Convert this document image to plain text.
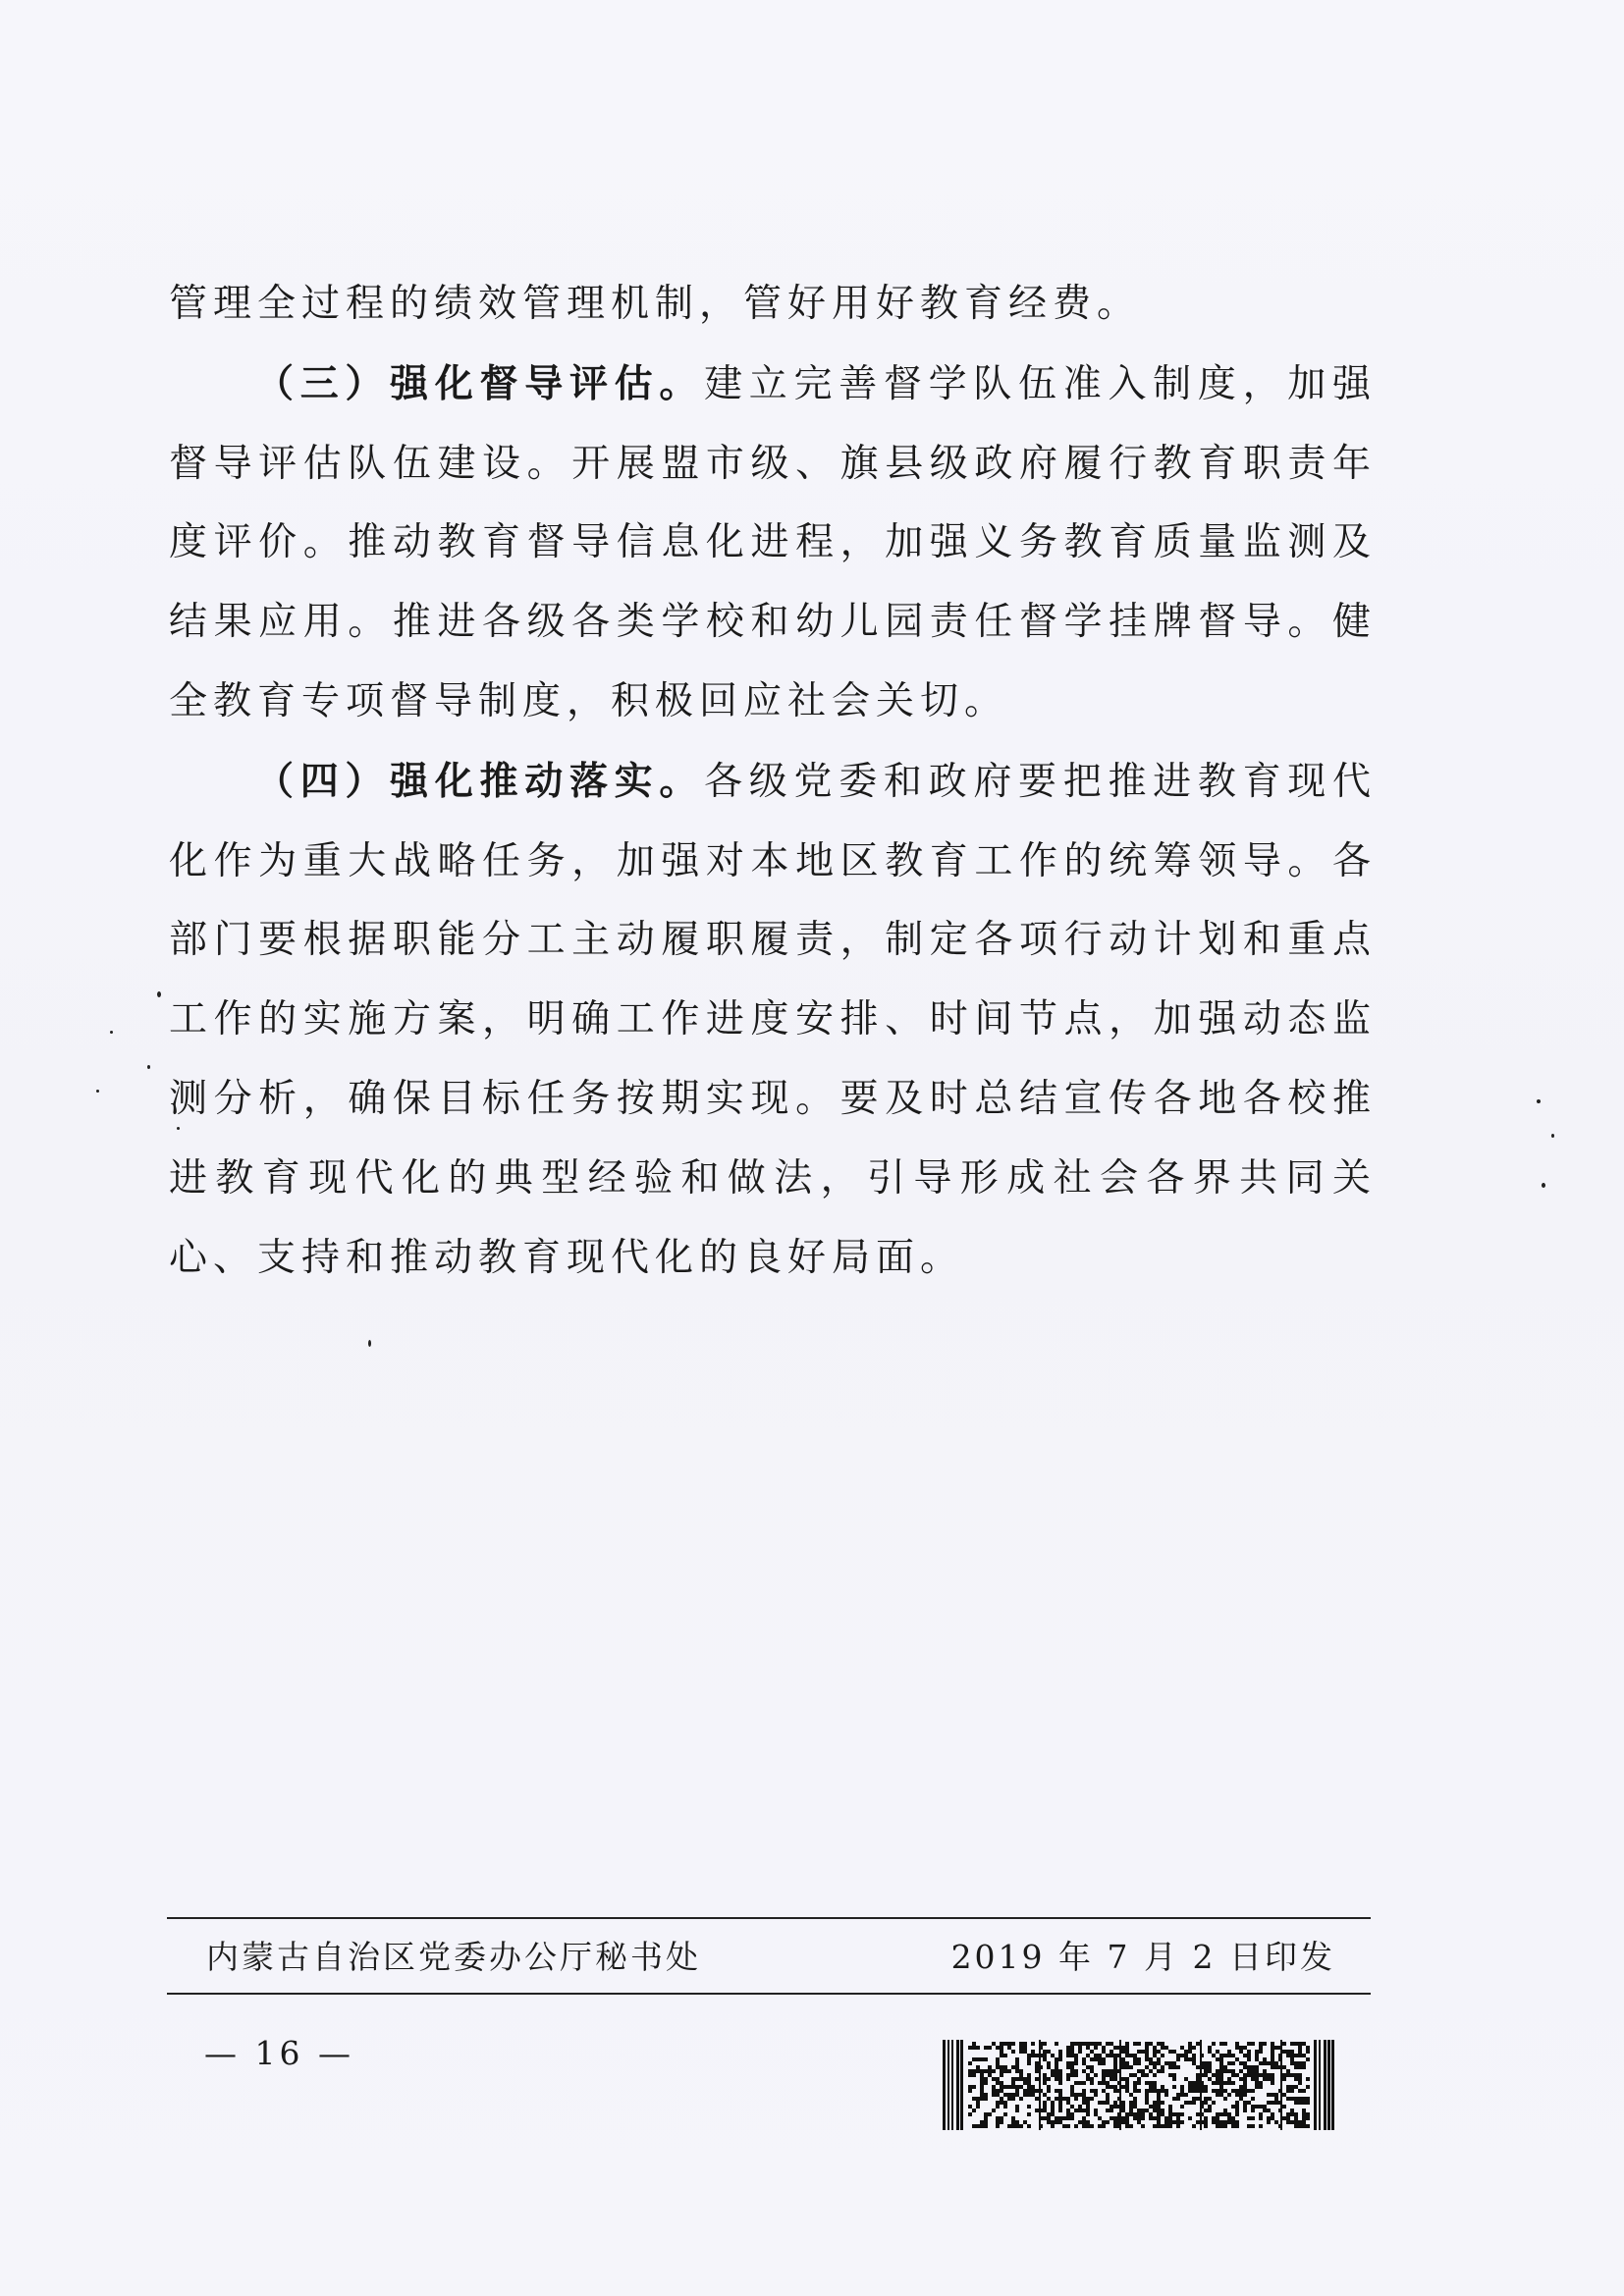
管理全过程的绩效管理机制，管好用好教育经费。

（三）强化督导评估。建立完善督学队伍准入制度，加强督导评估队伍建设。开展盟市级、旗县级政府履行教育职责年度评价。推动教育督导信息化进程，加强义务教育质量监测及结果应用。推进各级各类学校和幼儿园责任督学挂牌督导。健全教育专项督导制度，积极回应社会关切。

（四）强化推动落实。各级党委和政府要把推进教育现代化作为重大战略任务，加强对本地区教育工作的统筹领导。各部门要根据职能分工主动履职履责，制定各项行动计划和重点工作的实施方案，明确工作进度安排、时间节点，加强动态监测分析，确保目标任务按期实现。要及时总结宣传各地各校推进教育现代化的典型经验和做法，引导形成社会各界共同关心、支持和推动教育现代化的良好局面。

内蒙古自治区党委办公厅秘书处	2019 年 7 月 2 日印发
— 16 —
